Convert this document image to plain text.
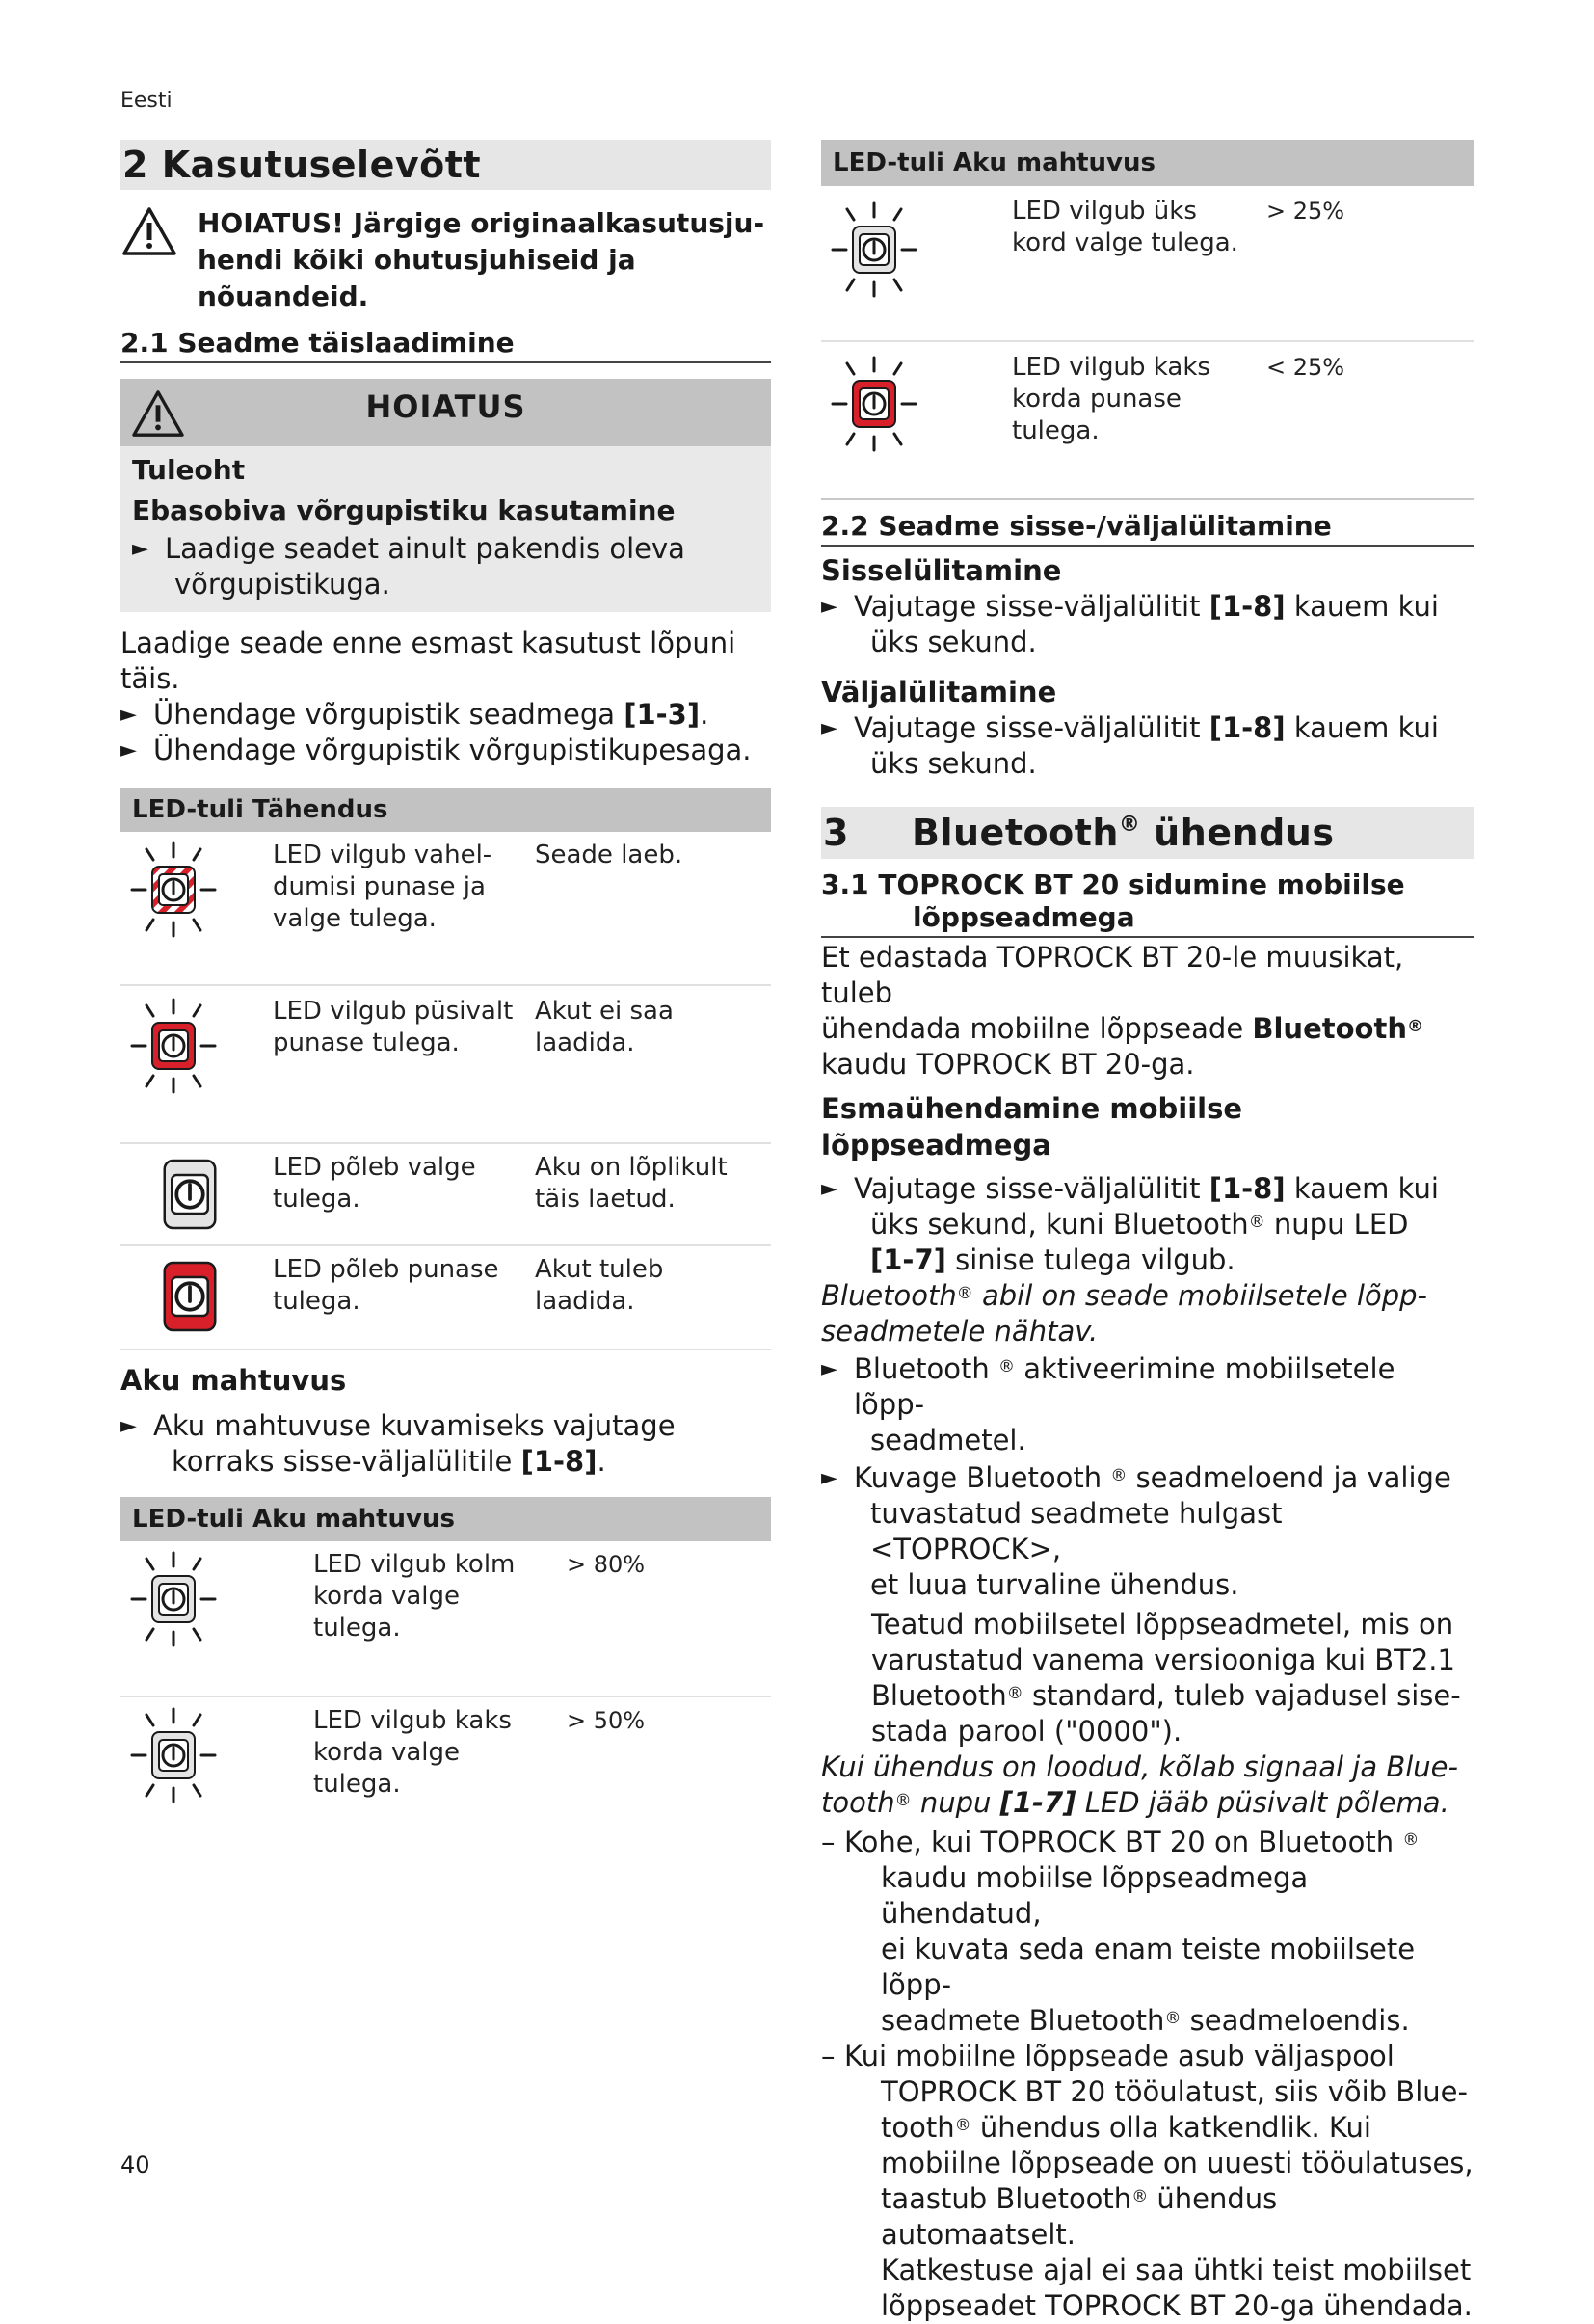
Eesti
2 Kasutuselevõtt
HOIATUS! Järgige originaalkasutusju-
hendi kõiki ohutusjuhiseid ja nõuandeid.
2.1 Seadme täislaadimine
HOIATUS
Tuleoht
Ebasobiva võrgupistiku kasutamine
► Laadige seadet ainult pakendis oleva
võrgupistikuga.
Laadige seade enne esmast kasutust lõpuni
täis.
► Ühendage võrgupistik seadmega [1-3].
► Ühendage võrgupistik võrgupistikupesaga.
LED-tuli Tähendus
LED vilgub vahel-
dumisi punase ja
valge tulega.
Seade laeb.
LED vilgub püsivalt
punase tulega.
Akut ei saa
laadida.
LED põleb valge
tulega.
Aku on lõplikult
täis laetud.
LED põleb punase
tulega.
Akut tuleb
laadida.
Aku mahtuvus
► Aku mahtuvuse kuvamiseks vajutage
korraks sisse-väljalülitile [1-8].
LED-tuli Aku mahtuvus
LED vilgub kolm
korda valge
tulega.
> 80%
LED vilgub kaks
korda valge
tulega.
> 50%
LED-tuli Aku mahtuvus
LED vilgub üks
kord valge tulega.
> 25%
LED vilgub kaks
korda punase
tulega.
< 25%
2.2 Seadme sisse-/väljalülitamine
Sisselülitamine
► Vajutage sisse-väljalülitit [1-8] kauem kui
üks sekund.
Väljalülitamine
► Vajutage sisse-väljalülitit [1-8] kauem kui
üks sekund.
3 Bluetooth® ühendus
3.1 TOPROCK BT 20 sidumine mobiilse
lõppseadmega
Et edastada TOPROCK BT 20-le muusikat, tuleb
ühendada mobiilne lõppseade Bluetooth®
kaudu TOPROCK BT 20-ga.
Esmaühendamine mobiilse lõppseadmega
► Vajutage sisse-väljalülitit [1-8] kauem kui
üks sekund, kuni Bluetooth® nupu LED
[1-7] sinise tulega vilgub.
Bluetooth® abil on seade mobiilsetele lõpp-
seadmetele nähtav.
► Bluetooth ® aktiveerimine mobiilsetele lõpp-
seadmetel.
► Kuvage Bluetooth ® seadmeloend ja valige
tuvastatud seadmete hulgast <TOPROCK>,
et luua turvaline ühendus.
Teatud mobiilsetel lõppseadmetel, mis on
varustatud vanema versiooniga kui BT2.1
Bluetooth® standard, tuleb vajadusel sise-
stada parool ("0000").
Kui ühendus on loodud, kõlab signaal ja Blue-
tooth® nupu [1-7] LED jääb püsivalt põlema.
– Kohe, kui TOPROCK BT 20 on Bluetooth ®
kaudu mobiilse lõppseadmega ühendatud,
ei kuvata seda enam teiste mobiilsete lõpp-
seadmete Bluetooth® seadmeloendis.
– Kui mobiilne lõppseade asub väljaspool
TOPROCK BT 20 tööulatust, siis võib Blue-
tooth® ühendus olla katkendlik. Kui
mobiilne lõppseade on uuesti tööulatuses,
taastub Bluetooth® ühendus automaatselt.
Katkestuse ajal ei saa ühtki teist mobiilset
lõppseadet TOPROCK BT 20-ga ühendada.
40
